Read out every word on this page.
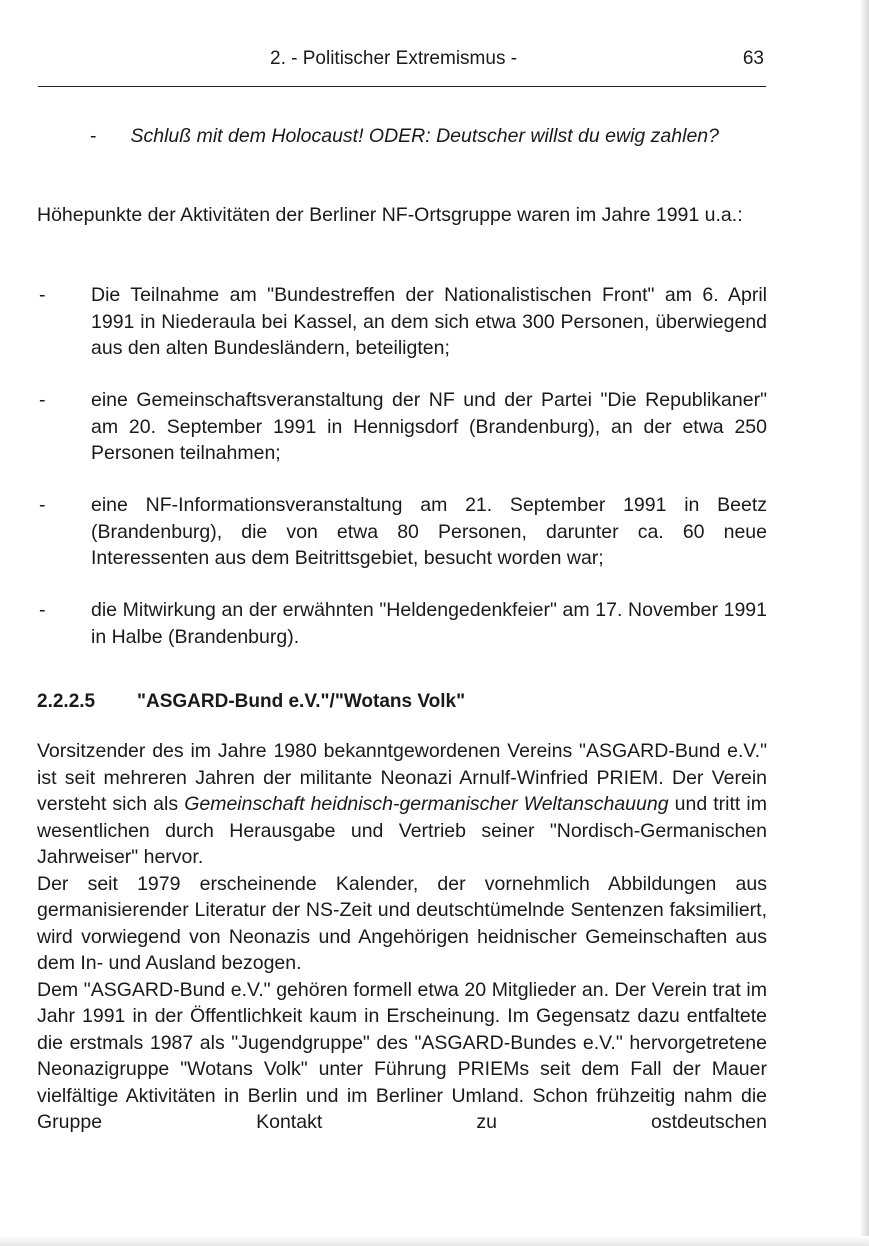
2. - Politischer Extremismus -	63
- Schluß mit dem Holocaust! ODER: Deutscher willst du ewig zahlen?
Höhepunkte der Aktivitäten der Berliner NF-Ortsgruppe waren im Jahre 1991 u.a.:
- Die Teilnahme am "Bundestreffen der Nationalistischen Front" am 6. April 1991 in Niederaula bei Kassel, an dem sich etwa 300 Personen, überwiegend aus den alten Bundesländern, beteiligten;
- eine Gemeinschaftsveranstaltung der NF und der Partei "Die Republikaner" am 20. September 1991 in Hennigsdorf (Brandenburg), an der etwa 250 Personen teilnahmen;
- eine NF-Informationsveranstaltung am 21. September 1991 in Beetz (Brandenburg), die von etwa 80 Personen, darunter ca. 60 neue Interessenten aus dem Beitrittsgebiet, besucht worden war;
- die Mitwirkung an der erwähnten "Heldengedenkfeier" am 17. November 1991 in Halbe (Brandenburg).
2.2.2.5 "ASGARD-Bund e.V."/"Wotans Volk"

Vorsitzender des im Jahre 1980 bekanntgewordenen Vereins "ASGARD-Bund e.V." ist seit mehreren Jahren der militante Neonazi Arnulf-Winfried PRIEM. Der Verein versteht sich als Gemeinschaft heidnisch-germanischer Weltanschauung und tritt im wesentlichen durch Herausgabe und Vertrieb seiner "Nordisch-Germanischen Jahrweiser" hervor.

Der seit 1979 erscheinende Kalender, der vornehmlich Abbildungen aus germanisierender Literatur der NS-Zeit und deutschtümelnde Sentenzen faksimiliert, wird vorwiegend von Neonazis und Angehörigen heidnischer Gemeinschaften aus dem In- und Ausland bezogen.

Dem "ASGARD-Bund e.V." gehören formell etwa 20 Mitglieder an. Der Verein trat im Jahr 1991 in der Öffentlichkeit kaum in Erscheinung. Im Gegensatz dazu entfaltete die erstmals 1987 als "Jugendgruppe" des "ASGARD-Bundes e.V." hervorgetretene Neonazigruppe "Wotans Volk" unter Führung PRIEMs seit dem Fall der Mauer vielfältige Aktivitäten in Berlin und im Berliner Umland. Schon frühzeitig nahm die Gruppe Kontakt zu ostdeutschen
